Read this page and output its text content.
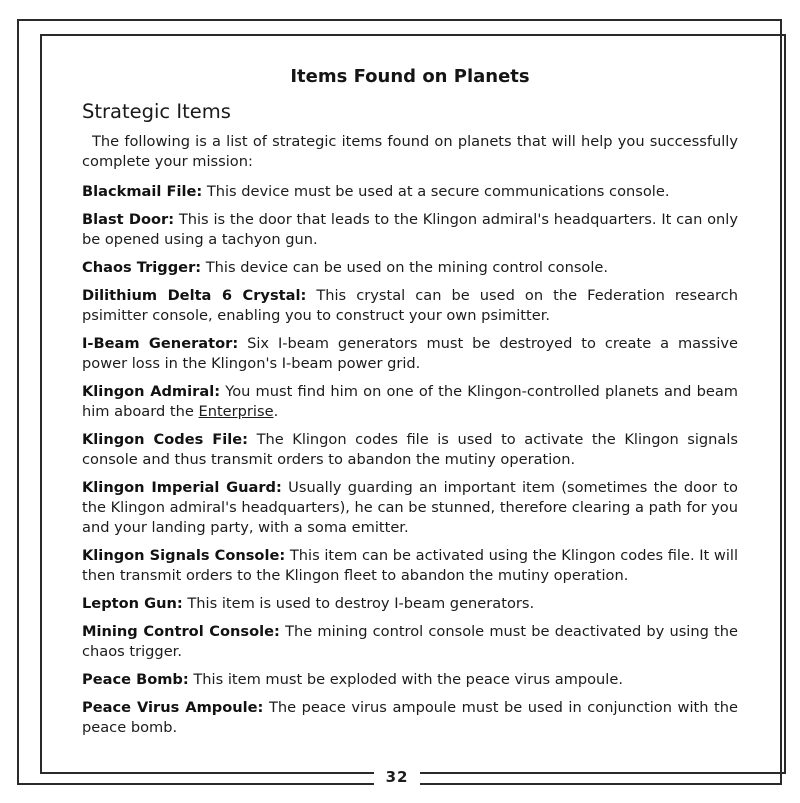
Items Found on Planets
Strategic Items

The following is a list of strategic items found on planets that will help you successfully complete your mission:

Blackmail File: This device must be used at a secure communications console.

Blast Door: This is the door that leads to the Klingon admiral's headquarters. It can only be opened using a tachyon gun.

Chaos Trigger: This device can be used on the mining control console.

Dilithium Delta 6 Crystal: This crystal can be used on the Federation research psimitter console, enabling you to construct your own psimitter.

I-Beam Generator: Six I-beam generators must be destroyed to create a massive power loss in the Klingon's I-beam power grid.

Klingon Admiral: You must find him on one of the Klingon-controlled planets and beam him aboard the Enterprise.

Klingon Codes File: The Klingon codes file is used to activate the Klingon signals console and thus transmit orders to abandon the mutiny operation.

Klingon Imperial Guard: Usually guarding an important item (sometimes the door to the Klingon admiral's headquarters), he can be stunned, therefore clearing a path for you and your landing party, with a soma emitter.

Klingon Signals Console: This item can be activated using the Klingon codes file. It will then transmit orders to the Klingon fleet to abandon the mutiny operation.

Lepton Gun: This item is used to destroy I-beam generators.

Mining Control Console: The mining control console must be deactivated by using the chaos trigger.

Peace Bomb: This item must be exploded with the peace virus ampoule.

Peace Virus Ampoule: The peace virus ampoule must be used in conjunction with the peace bomb.

32
